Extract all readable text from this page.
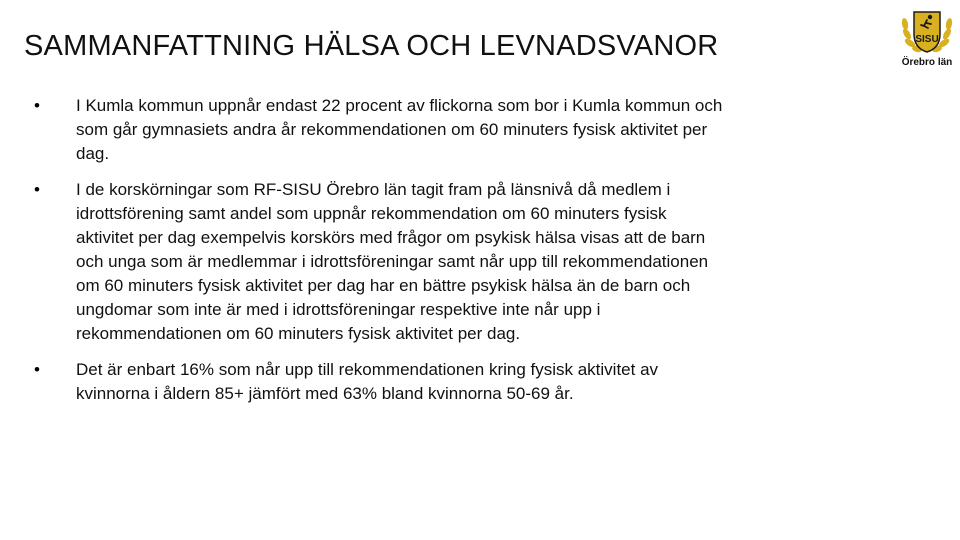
SAMMANFATTNING HÄLSA OCH LEVNADSVANOR	SISU
Örebro län
•	I Kumla kommun uppnår endast 22 procent av flickorna som bor i Kumla kommun och som går gymnasiets andra år rekommendationen om 60 minuters fysisk aktivitet per dag.
•	I de korskörningar som RF-SISU Örebro län tagit fram på länsnivå då medlem i idrottsförening samt andel som uppnår rekommendation om 60 minuters fysisk aktivitet per dag exempelvis korskörs med frågor om psykisk hälsa visas att de barn och unga som är medlemmar i idrottsföreningar samt når upp till rekommendationen om 60 minuters fysisk aktivitet per dag har en bättre psykisk hälsa än de barn och ungdomar som inte är med i idrottsföreningar respektive inte når upp i rekommendationen om 60 minuters fysisk aktivitet per dag.
•	Det är enbart 16% som når upp till rekommendationen kring fysisk aktivitet av kvinnorna i åldern 85+ jämfört med 63% bland kvinnorna 50-69 år.
